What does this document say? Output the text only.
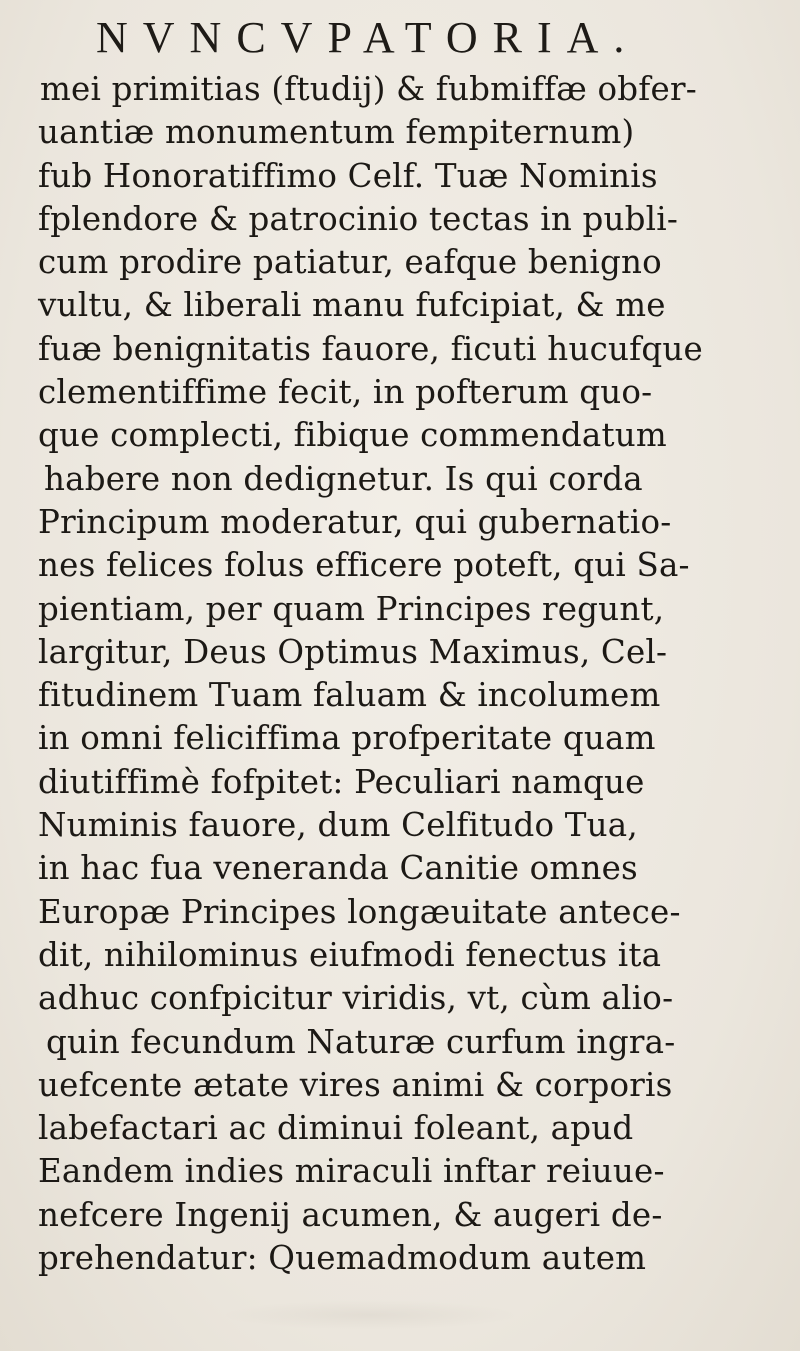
NVNCVPATORIA.
mei primitias (ftudij) & fubmiffæ obfer-
uantiæ monumentum fempiternum)
fub Honoratiffimo Celf. Tuæ Nominis
fplendore & patrocinio tectas in publi-
cum prodire patiatur, eafque benigno
vultu, & liberali manu fufcipiat, & me
fuæ benignitatis fauore, ficuti hucufque
clementiffime fecit, in pofterum quo-
que complecti, fibique commendatum
habere non dedignetur. Is qui corda
Principum moderatur, qui gubernatio-
nes felices folus efficere poteft, qui Sa-
pientiam, per quam Principes regunt,
largitur, Deus Optimus Maximus, Cel-
fitudinem Tuam faluam & incolumem
in omni feliciffima profperitate quam
diutiffimè fofpitet: Peculiari namque
Numinis fauore, dum Celfitudo Tua,
in hac fua veneranda Canitie omnes
Europæ Principes longæuitate antece-
dit, nihilominus eiufmodi fenectus ita
adhuc confpicitur viridis, vt, cùm alio-
quin fecundum Naturæ curfum ingra-
uefcente ætate vires animi & corporis
labefactari ac diminui foleant, apud
Eandem indies miraculi inftar reiuue-
nefcere Ingenij acumen, & augeri de-
prehendatur: Quemadmodum autem
